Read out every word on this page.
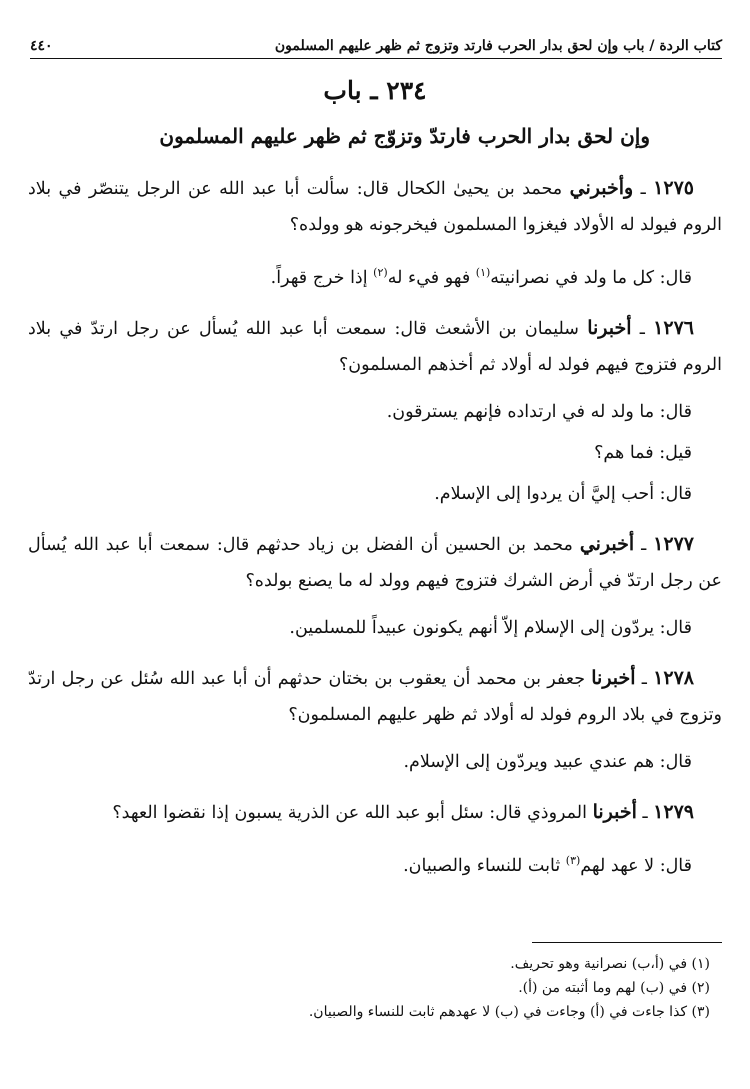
كتاب الردة / باب وإن لحق بدار الحرب فارتد وتزوج ثم ظهر عليهم المسلمون
٤٤٠
٢٣٤ ـ باب
وإن لحق بدار الحرب فارتدّ وتزوّج ثم ظهر عليهم المسلمون

١٢٧٥ ـ وأخبرني محمد بن يحيىٰ الكحال قال: سألت أبا عبد الله عن الرجل يتنصّر في بلاد الروم فيولد له الأولاد فيغزوا المسلمون فيخرجونه هو وولده؟

قال: كل ما ولد في نصرانيته$^{(١)}$ فهو فيء له$^{(٢)}$ إذا خرج قهراً.

١٢٧٦ ـ أخبرنا سليمان بن الأشعث قال: سمعت أبا عبد الله يُسأل عن رجل ارتدّ في بلاد الروم فتزوج فيهم فولد له أولاد ثم أخذهم المسلمون؟

قال: ما ولد له في ارتداده فإنهم يسترقون.

قيل: فما هم؟

قال: أحب إليَّ أن يردوا إلى الإسلام.

١٢٧٧ ـ أخبرني محمد بن الحسين أن الفضل بن زياد حدثهم قال: سمعت أبا عبد الله يُسأل عن رجل ارتدّ في أرض الشرك فتزوج فيهم وولد له ما يصنع بولده؟

قال: يردّون إلى الإسلام إلاّ أنهم يكونون عبيداً للمسلمين.

١٢٧٨ ـ أخبرنا جعفر بن محمد أن يعقوب بن بختان حدثهم أن أبا عبد الله سُئل عن رجل ارتدّ وتزوج في بلاد الروم فولد له أولاد ثم ظهر عليهم المسلمون؟

قال: هم عندي عبيد ويردّون إلى الإسلام.

١٢٧٩ ـ أخبرنا المروذي قال: سئل أبو عبد الله عن الذرية يسبون إذا نقضوا العهد؟

قال: لا عهد لهم$^{(٣)}$ ثابت للنساء والصبيان.

(١) في (أ،ب) نصرانية وهو تحريف.

(٢) في (ب) لهم وما أثبته من (أ).

(٣) كذا جاءت في (أ) وجاءت في (ب) لا عهدهم ثابت للنساء والصبيان.
